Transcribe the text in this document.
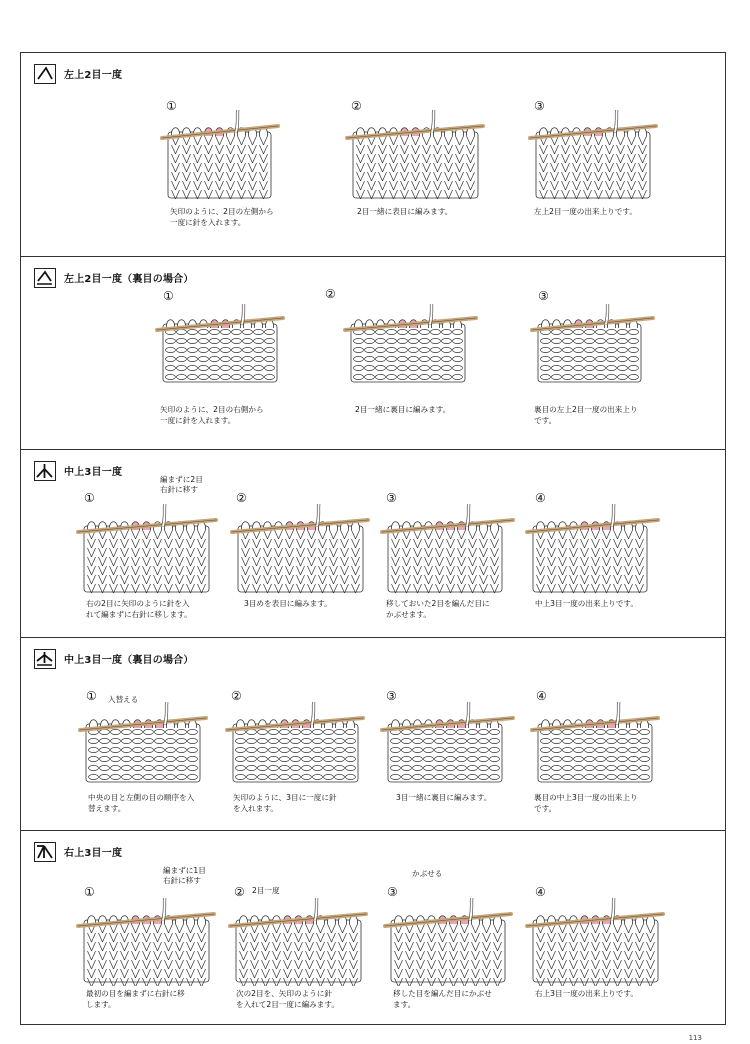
左上2目一度
左上2目一度（裏目の場合）
中上3目一度
中上3目一度（裏目の場合）
右上3目一度
①
矢印のように、2目の左側から
一度に針を入れます。
②
2目一緒に表目に編みます。
③
左上2目一度の出来上りです。
①
矢印のように、2目の右側から
一度に針を入れます。
②
2目一緒に裏目に編みます。
③
裏目の左上2目一度の出来上り
です。
編まずに2目
右針に移す
①
右の2目に矢印のように針を入
れて編まずに右針に移します。
②
3目めを表目に編みます。
③
移しておいた2目を編んだ目に
かぶせます。
④
中上3目一度の出来上りです。
入替える
①
中央の目と左側の目の順序を入
替えます。
②
矢印のように、3目に一度に針
を入れます。
③
3目一緒に裏目に編みます。
④
裏目の中上3目一度の出来上り
です。
編まずに1目
右針に移す
2目一度
かぶせる
①
最初の目を編まずに右針に移
します。
②
次の2目を、矢印のように針
を入れて2目一度に編みます。
③
移した目を編んだ目にかぶせ
ます。
④
右上3目一度の出来上りです。
113
